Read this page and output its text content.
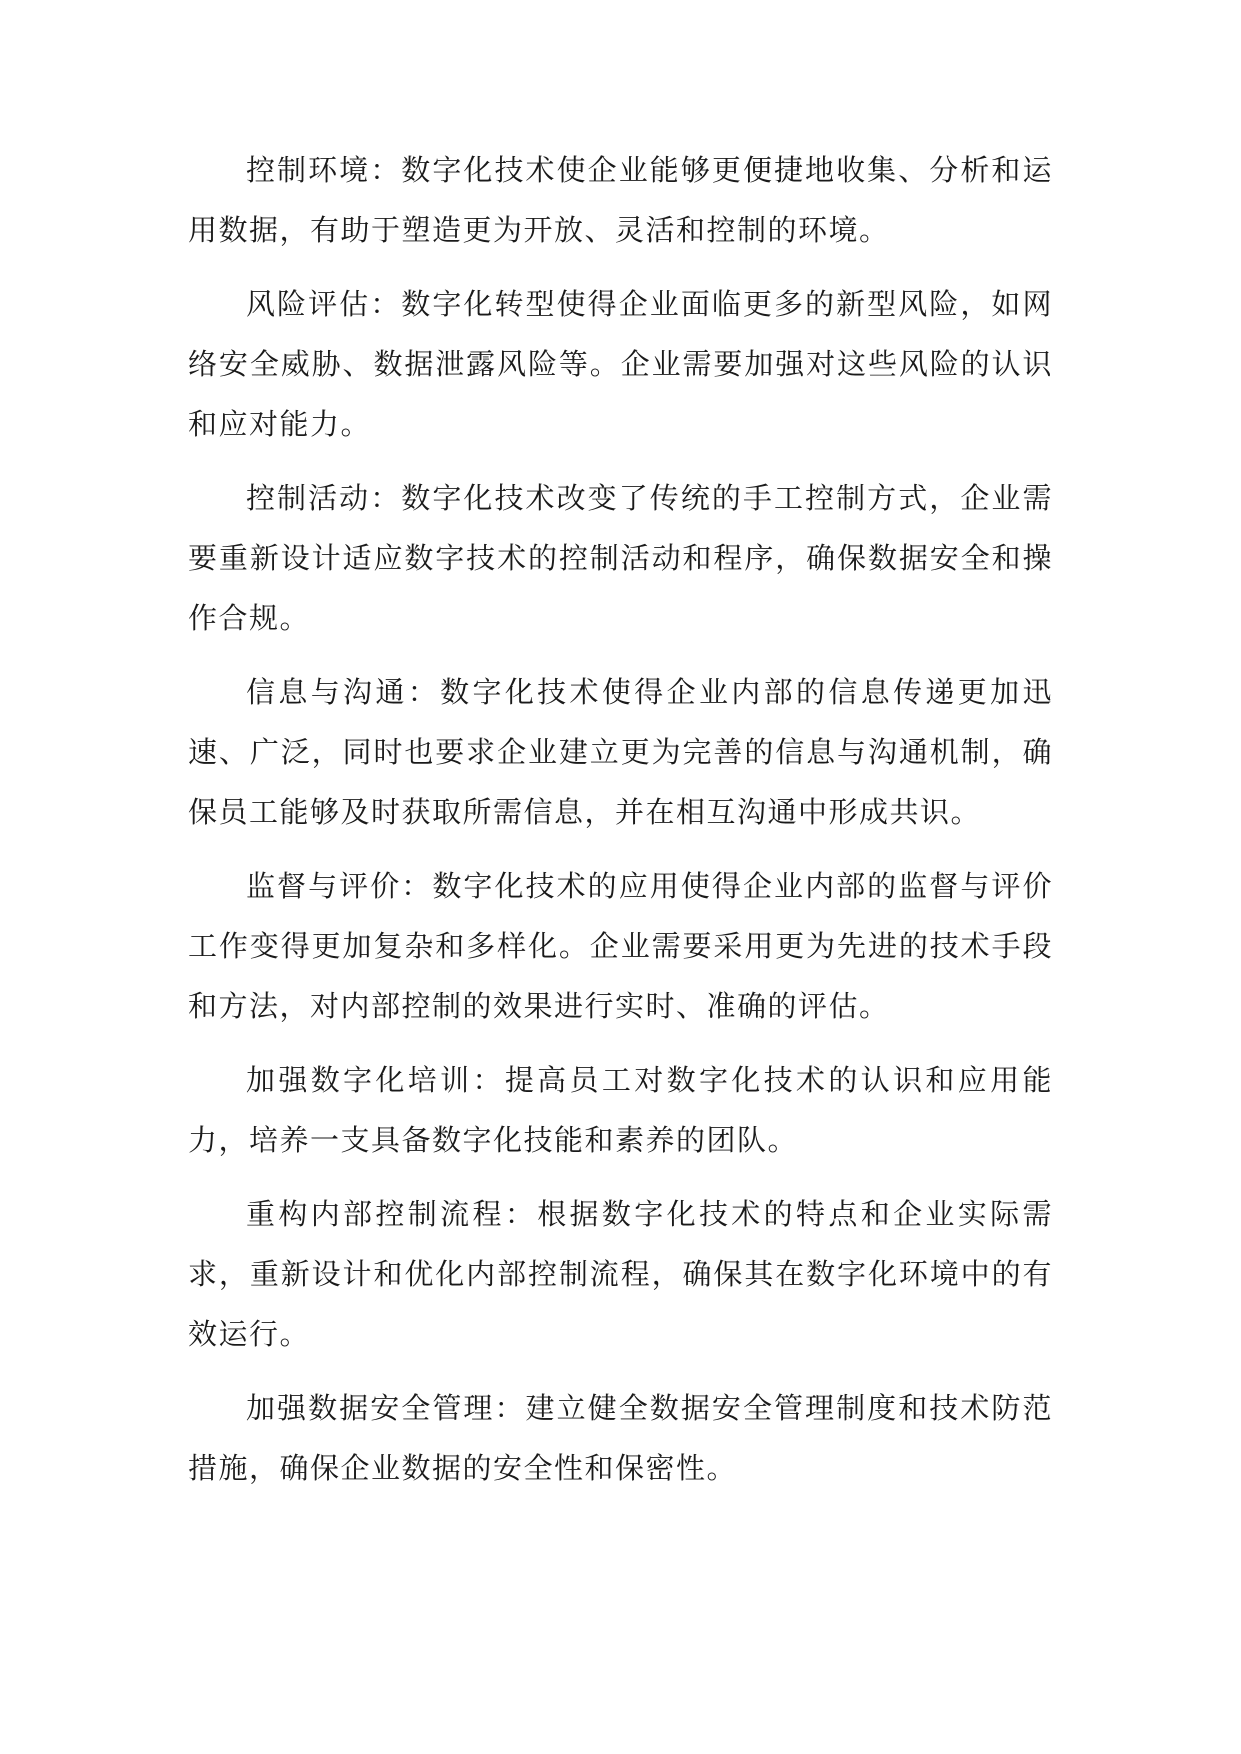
控制环境：数字化技术使企业能够更便捷地收集、分析和运用数据，有助于塑造更为开放、灵活和控制的环境。

风险评估：数字化转型使得企业面临更多的新型风险，如网络安全威胁、数据泄露风险等。企业需要加强对这些风险的认识和应对能力。

控制活动：数字化技术改变了传统的手工控制方式，企业需要重新设计适应数字技术的控制活动和程序，确保数据安全和操作合规。

信息与沟通：数字化技术使得企业内部的信息传递更加迅速、广泛，同时也要求企业建立更为完善的信息与沟通机制，确保员工能够及时获取所需信息，并在相互沟通中形成共识。

监督与评价：数字化技术的应用使得企业内部的监督与评价工作变得更加复杂和多样化。企业需要采用更为先进的技术手段和方法，对内部控制的效果进行实时、准确的评估。

加强数字化培训：提高员工对数字化技术的认识和应用能力，培养一支具备数字化技能和素养的团队。

重构内部控制流程：根据数字化技术的特点和企业实际需求，重新设计和优化内部控制流程，确保其在数字化环境中的有效运行。

加强数据安全管理：建立健全数据安全管理制度和技术防范措施，确保企业数据的安全性和保密性。
